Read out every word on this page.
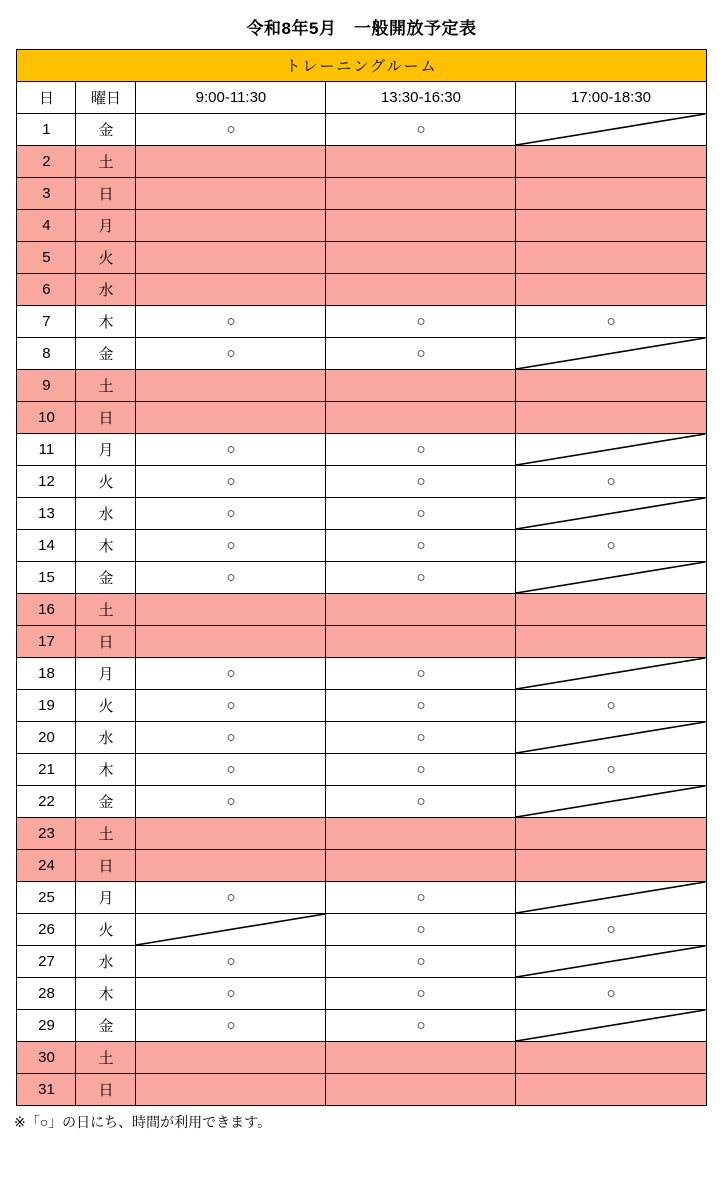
令和8年5月　一般開放予定表
トレーニングルーム				
日	曜日	9:00-11:30	13:30-16:30	17:00-18:30
1	金	○	○	

2	土			
3	日			
4	月			
5	火			
6	水			
7	木	○	○	○
8	金	○	○	

9	土			
10	日			
11	月	○	○	

12	火	○	○	○
13	水	○	○	

14	木	○	○	○
15	金	○	○	

16	土			
17	日			
18	月	○	○	

19	火	○	○	○
20	水	○	○	

21	木	○	○	○
22	金	○	○	

23	土			
24	日			
25	月	○	○	

26	火		○	○
27	水	○	○	

28	木	○	○	○
29	金	○	○	

30	土			
31	日			
※「○」の日にち、時間が利用できます。
